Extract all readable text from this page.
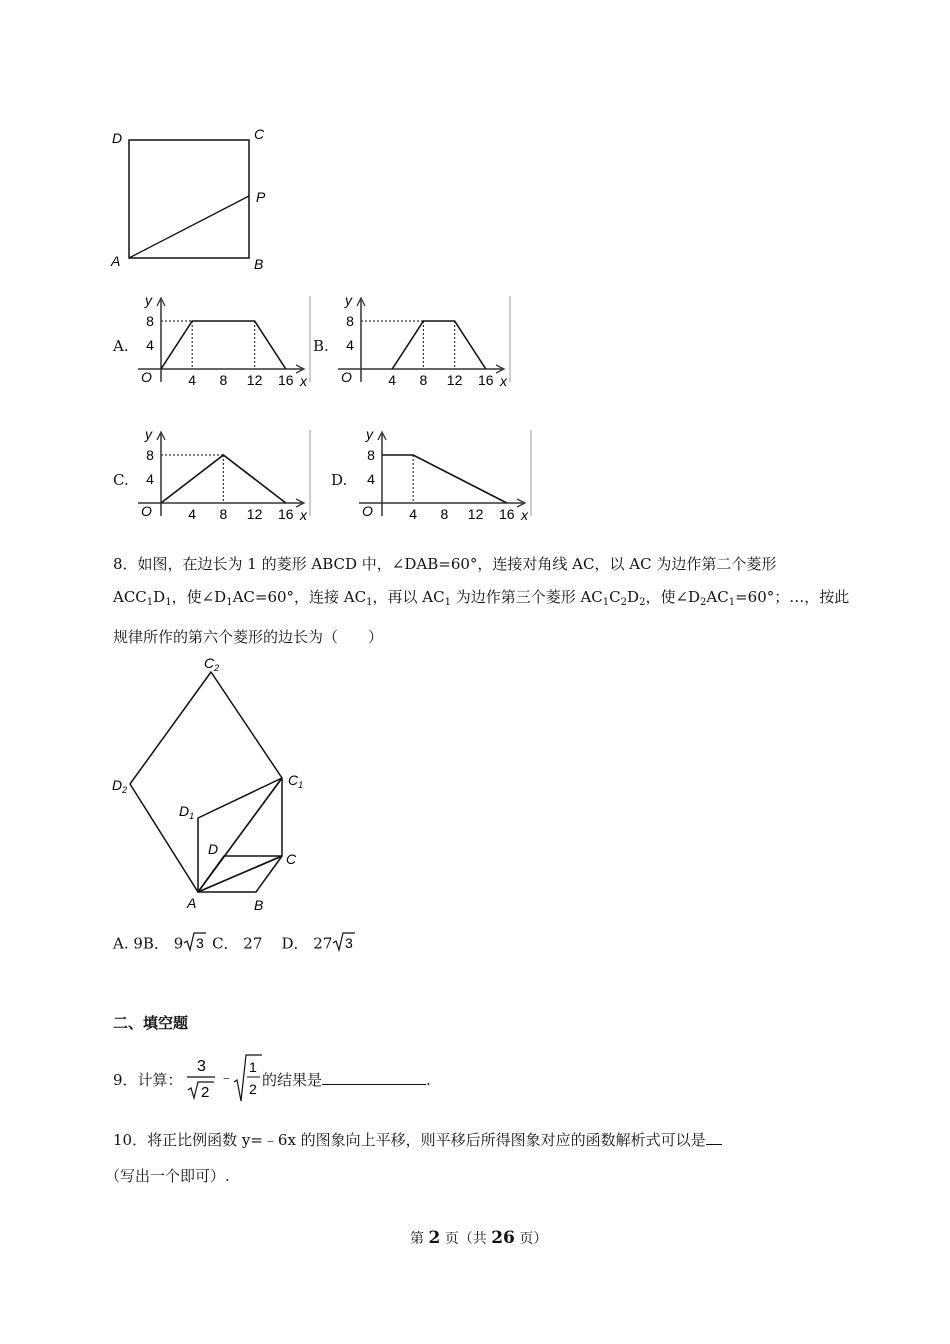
D	C
P
A	B
A.
y
x
O	4 8 12 16
4
8
B.
y
x
O	4 8 12 16
4
8
C.
y
x
O	4 8 12 16
4
8
D.
y
x
O	4 8 12 16
4
8
8．如图，在边长为 1 的菱形 ABCD 中，∠DAB=60°，连接对角线 AC，以 AC 为边作第二个菱形
$ACC_1D_1$，使$\angle D_1AC=60^\circ$，连接 $AC_1$，再以 $AC_1$ 为边作第三个菱形 $AC_1C_2D_2$，使$\angle D_2AC_1=60^\circ$；…，按此
规律所作的第六个菱形的边长为（　　）
$C_2$
$D_2$
$C_1$
$D_1$
D
C
A	B
A. 9B． 9 3 C． 27 D． 27 3
二、填空题
9．计算：
3
2
﹣
1
2 的结果是	.
10．将正比例函数 y=﹣6x 的图象向上平移，则平移后所得图象对应的函数解析式可以是
（写出一个即可）.
第 2 页（共 26 页）
